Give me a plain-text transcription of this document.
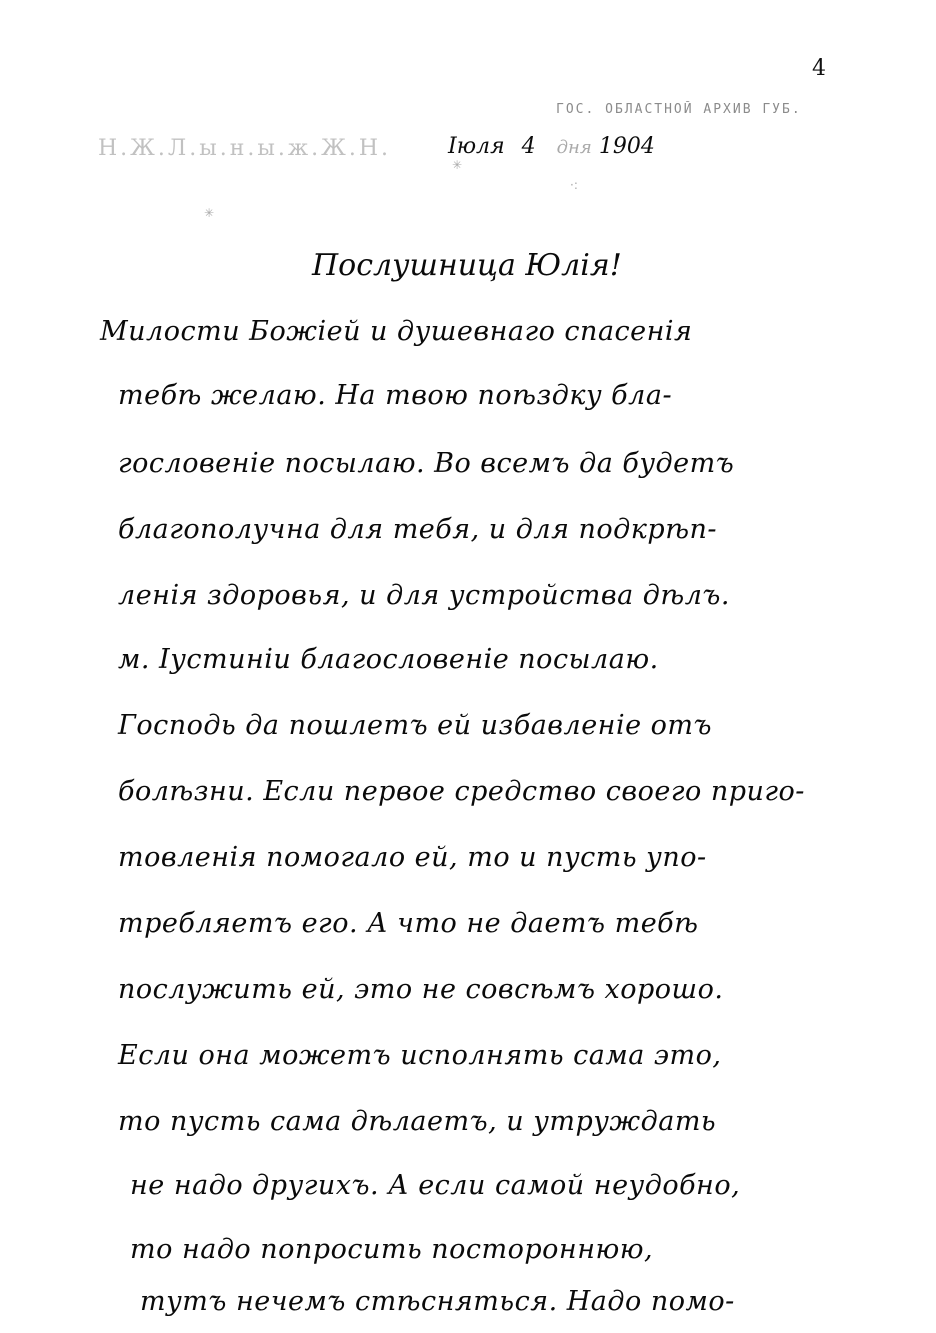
4
ГОС. ОБЛАСТНОЙ АРХИВ ГУБ.
Н.Ж.Л.ы.н.ы.ж.Ж.Н.	Іюля 4 дня 1904
✳
✳
·:
Послушница Юлія!
Милости Божіей и душевнаго спасенія
тебѣ желаю. На твою поѣздку бла-
гословеніе посылаю. Во всемъ да будетъ
благополучна для тебя, и для подкрѣп-
ленія здоровья, и для устройства дѣлъ.
м. Іустиніи благословеніе посылаю.
Господь да пошлетъ ей избавленіе отъ
болѣзни. Если первое средство своего приго-
товленія помогало ей, то и пусть упо-
требляетъ его. А что не даетъ тебѣ
послужить ей, это не совсѣмъ хорошо.
Если она можетъ исполнять сама это,
то пусть сама дѣлаетъ, и утруждать
не надо другихъ. А если самой неудобно,
то надо попросить постороннюю,
тутъ нечемъ стѣсняться. Надо помо-
